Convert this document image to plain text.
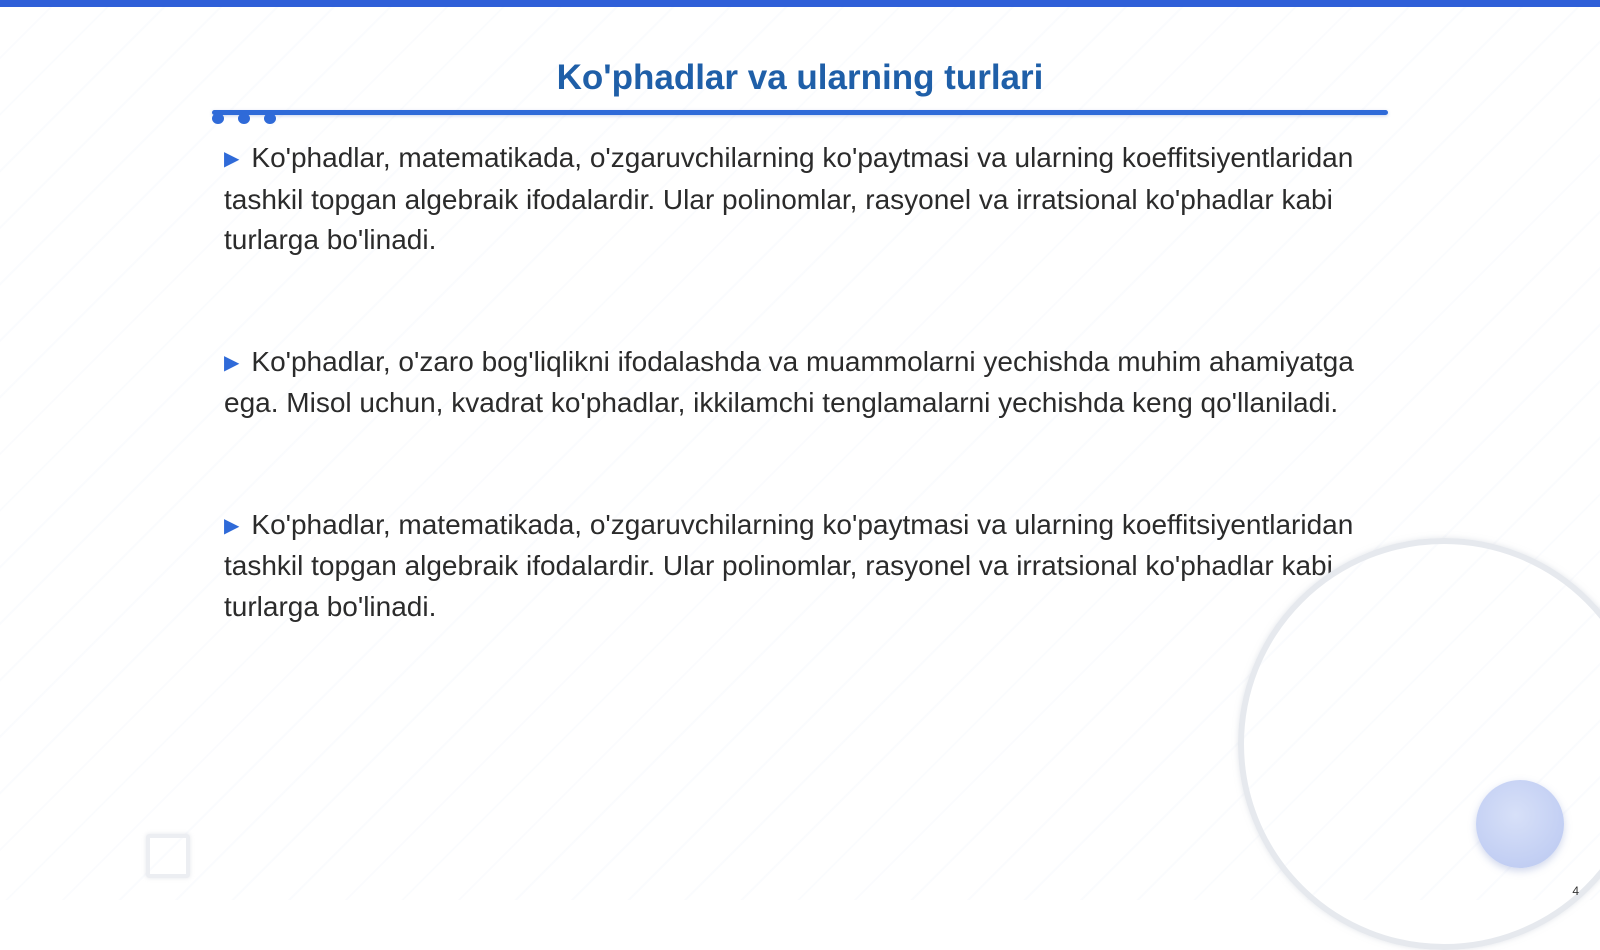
Ko'phadlar va ularning turlari
▶ Ko'phadlar, matematikada, o'zgaruvchilarning ko'paytmasi va ularning koeffitsiyentlaridan tashkil topgan algebraik ifodalardir. Ular polinomlar, rasyonel va irratsional ko'phadlar kabi turlarga bo'linadi.
▶ Ko'phadlar, o'zaro bog'liqlikni ifodalashda va muammolarni yechishda muhim ahamiyatga ega. Misol uchun, kvadrat ko'phadlar, ikkilamchi tenglamalarni yechishda keng qo'llaniladi.
▶ Ko'phadlar, matematikada, o'zgaruvchilarning ko'paytmasi va ularning koeffitsiyentlaridan tashkil topgan algebraik ifodalardir. Ular polinomlar, rasyonel va irratsional ko'phadlar kabi turlarga bo'linadi.
4
